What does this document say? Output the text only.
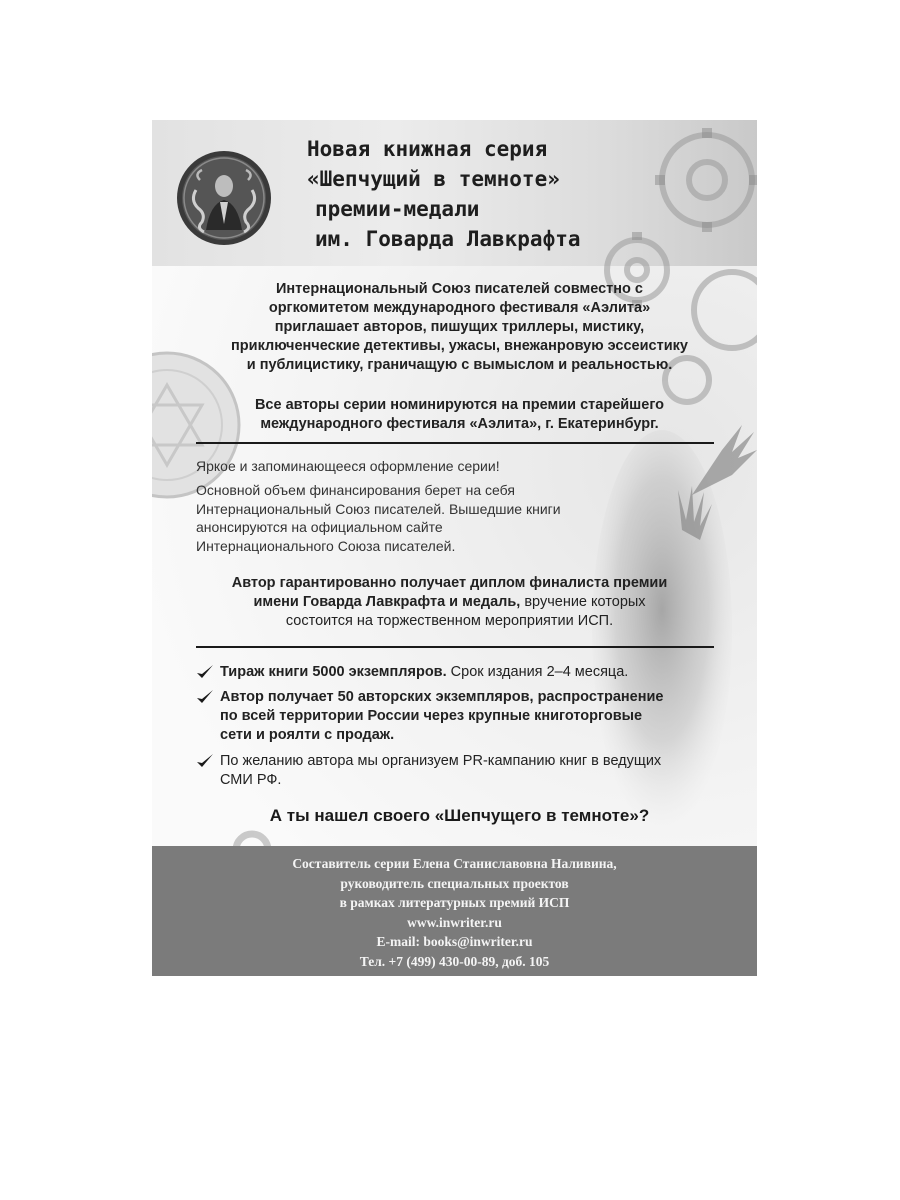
Новая книжная серия
«Шепчущий в темноте»
премии-медали
им. Говарда Лавкрафта
Интернациональный Союз писателей совместно с
оргкомитетом международного фестиваля «Аэлита»
приглашает авторов, пишущих триллеры, мистику,
приключенческие детективы, ужасы, внежанровую эссеистику
и публицистику, граничащую с вымыслом и реальностью.
Все авторы серии номинируются на премии старейшего
международного фестиваля «Аэлита», г. Екатеринбург.
Яркое и запоминающееся оформление серии!
Основной объем финансирования берет на себя
Интернациональный Союз писателей. Вышедшие книги
анонсируются на официальном сайте
Интернационального Союза писателей.
Автор гарантированно получает диплом финалиста премии
имени Говарда Лавкрафта и медаль, вручение которых
состоится на торжественном мероприятии ИСП.
Тираж книги 5000 экземпляров. Срок издания 2–4 месяца.
Автор получает 50 авторских экземпляров, распространение
по всей территории России через крупные книготорговые
сети и роялти с продаж.
По желанию автора мы организуем PR-кампанию книг в ведущих
СМИ РФ.
А ты нашел своего «Шепчущего в темноте»?
Составитель серии Елена Станиславовна Наливина,
руководитель специальных проектов
в рамках литературных премий ИСП
www.inwriter.ru
E-mail: books@inwriter.ru
Тел. +7 (499) 430-00-89, доб. 105
